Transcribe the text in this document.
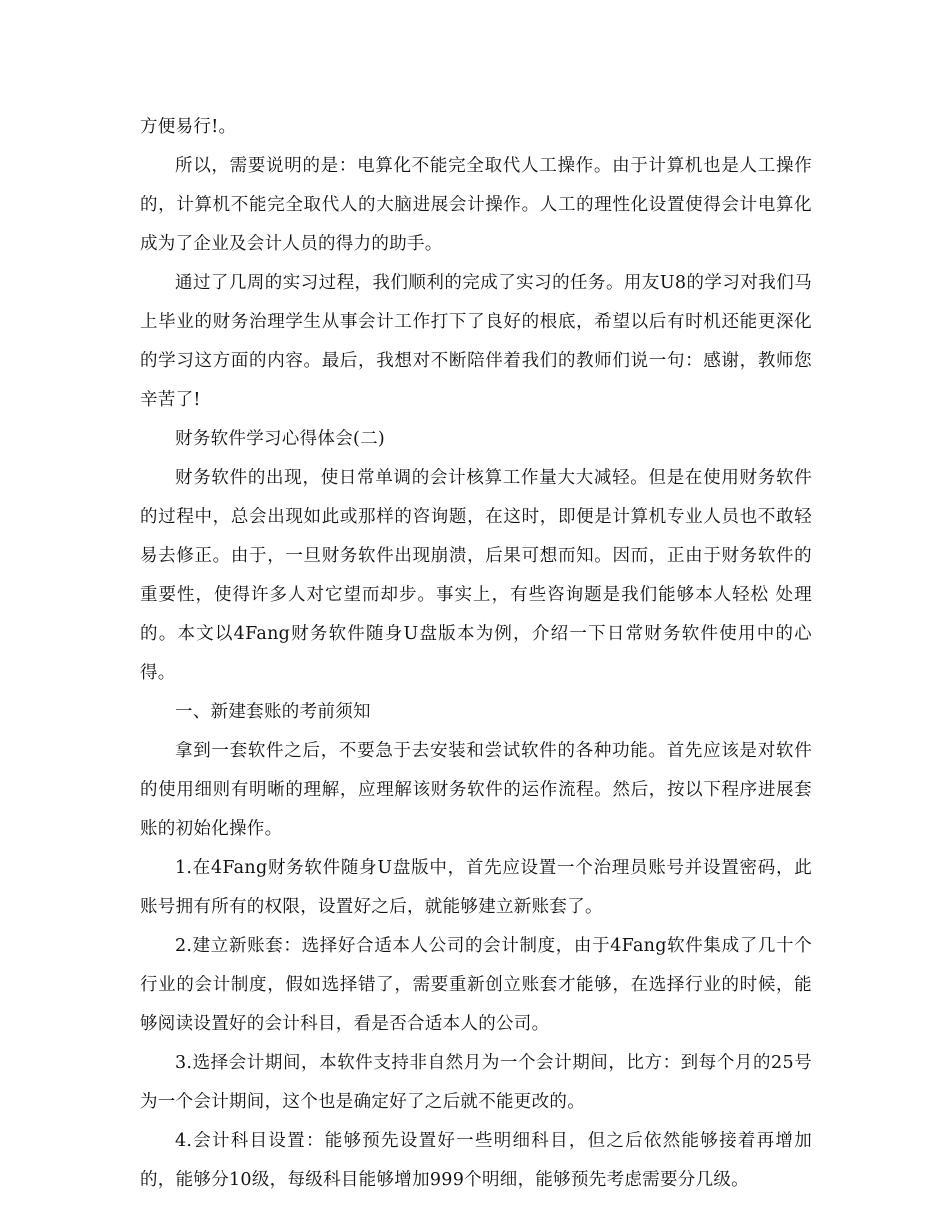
方便易行!。

所以，需要说明的是：电算化不能完全取代人工操作。由于计算机也是人工操作的，计算机不能完全取代人的大脑进展会计操作。人工的理性化设置使得会计电算化成为了企业及会计人员的得力的助手。

通过了几周的实习过程，我们顺利的完成了实习的任务。用友U8的学习对我们马上毕业的财务治理学生从事会计工作打下了良好的根底，希望以后有时机还能更深化的学习这方面的内容。最后，我想对不断陪伴着我们的教师们说一句：感谢，教师您辛苦了!

财务软件学习心得体会(二)

财务软件的出现，使日常单调的会计核算工作量大大减轻。但是在使用财务软件的过程中，总会出现如此或那样的咨询题，在这时，即便是计算机专业人员也不敢轻易去修正。由于，一旦财务软件出现崩溃，后果可想而知。因而，正由于财务软件的重要性，使得许多人对它望而却步。事实上，有些咨询题是我们能够本人轻松 处理的。本文以4Fang财务软件随身U盘版本为例，介绍一下日常财务软件使用中的心得。

一、新建套账的考前须知

拿到一套软件之后，不要急于去安装和尝试软件的各种功能。首先应该是对软件的使用细则有明晰的理解，应理解该财务软件的运作流程。然后，按以下程序进展套账的初始化操作。

1.在4Fang财务软件随身U盘版中，首先应设置一个治理员账号并设置密码，此账号拥有所有的权限，设置好之后，就能够建立新账套了。

2.建立新账套：选择好合适本人公司的会计制度，由于4Fang软件集成了几十个行业的会计制度，假如选择错了，需要重新创立账套才能够，在选择行业的时候，能够阅读设置好的会计科目，看是否合适本人的公司。

3.选择会计期间，本软件支持非自然月为一个会计期间，比方：到每个月的25号为一个会计期间，这个也是确定好了之后就不能更改的。

4.会计科目设置：能够预先设置好一些明细科目，但之后依然能够接着再增加的，能够分10级，每级科目能够增加999个明细，能够预先考虑需要分几级。
